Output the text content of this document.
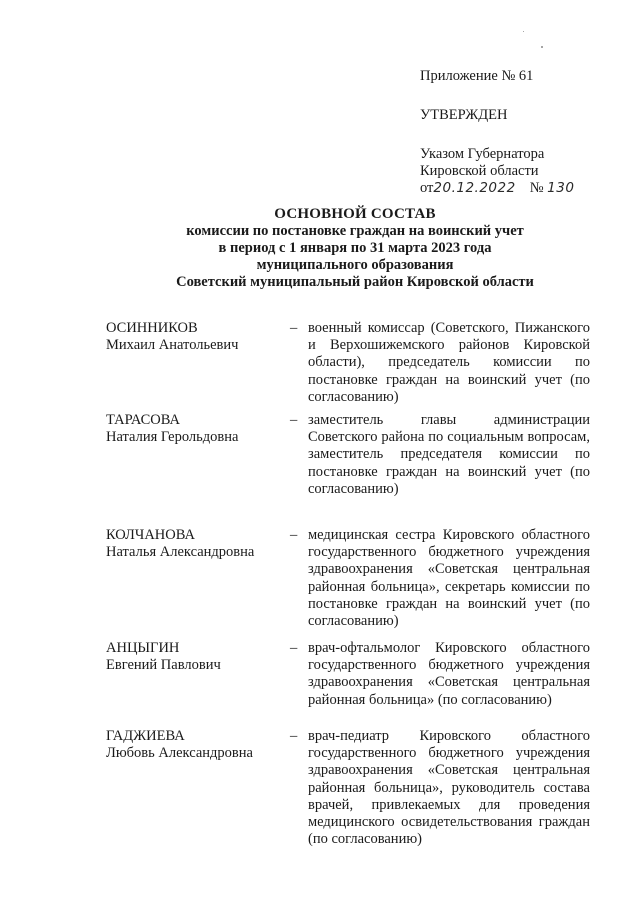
Приложение № 61
УТВЕРЖДЕН
Указом Губернатора
Кировской области
от20.12.2022 № 130
ОСНОВНОЙ СОСТАВ
комиссии по постановке граждан на воинский учет
в период с 1 января по 31 марта 2023 года
муниципального образования
Советский муниципальный район Кировской области
ОСИННИКОВ
Михаил Анатольевич
– военный комиссар (Советского, Пижанского и Верхошижемского районов Кировской области), председатель комиссии по постановке граждан на воинский учет (по согласованию)
ТАРАСОВА
Наталия Герольдовна
– заместитель главы администрации Советского района по социальным вопросам, заместитель председателя комиссии по постановке граждан на воинский учет (по согласованию)
КОЛЧАНОВА
Наталья Александровна
– медицинская сестра Кировского областного государственного бюджетного учреждения здравоохранения «Советская центральная районная больница», секретарь комиссии по постановке граждан на воинский учет (по согласованию)
АНЦЫГИН
Евгений Павлович
– врач-офтальмолог Кировского областного государственного бюджетного учреждения здравоохранения «Советская центральная районная больница» (по согласованию)
ГАДЖИЕВА
Любовь Александровна
– врач-педиатр Кировского областного государственного бюджетного учреждения здравоохранения «Советская центральная районная больница», руководитель состава врачей, привлекаемых для проведения медицинского освидетельствования граждан (по согласованию)
